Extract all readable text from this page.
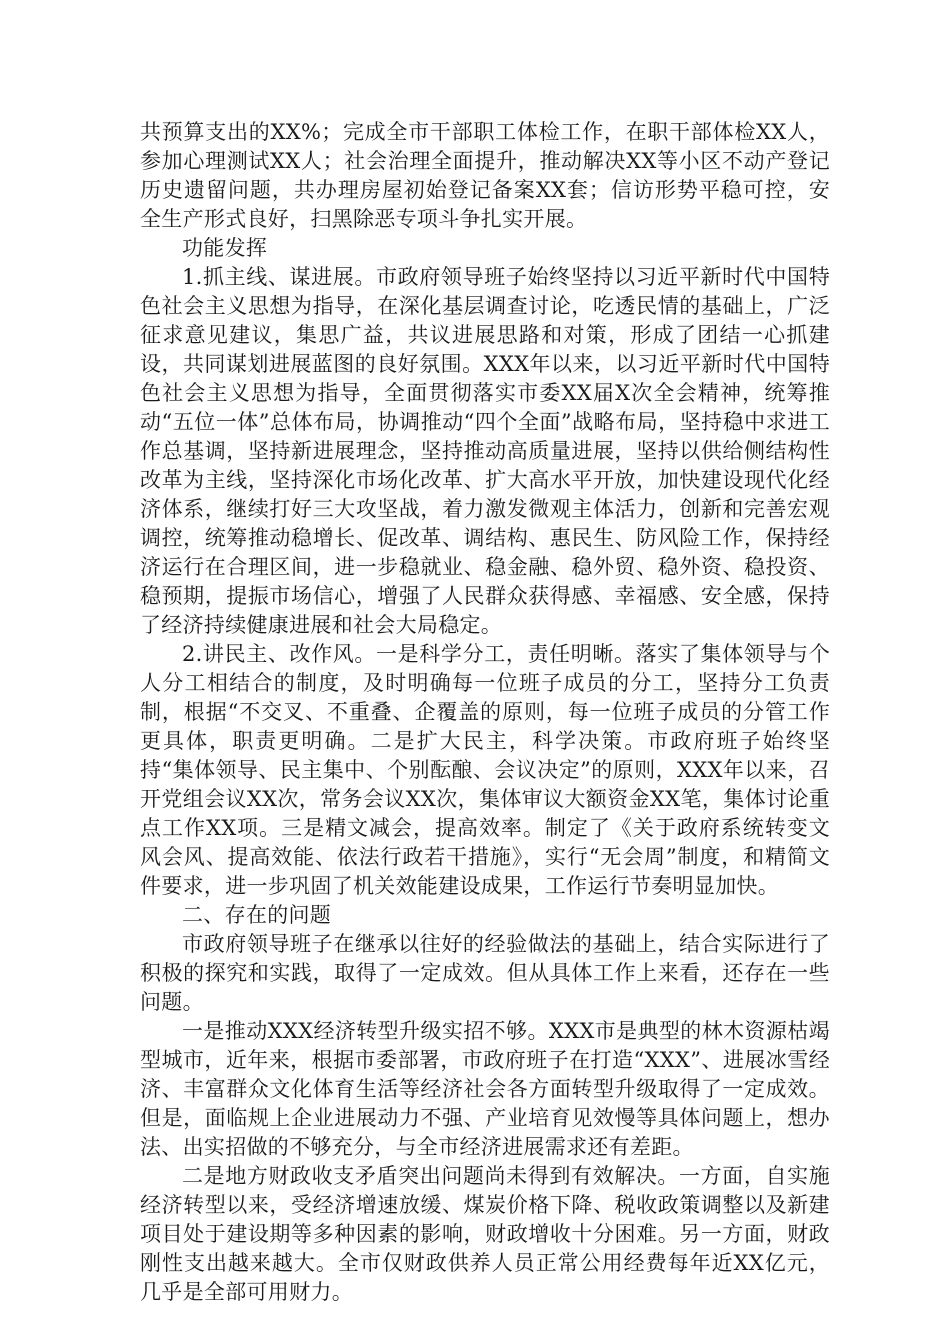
共预算支出的XX%；完成全市干部职工体检工作，在职干部体检XX人，参加心理测试XX人；社会治理全面提升，推动解决XX等小区不动产登记历史遗留问题，共办理房屋初始登记备案XX套；信访形势平稳可控，安全生产形式良好，扫黑除恶专项斗争扎实开展。

功能发挥

1.抓主线、谋进展。市政府领导班子始终坚持以习近平新时代中国特色社会主义思想为指导，在深化基层调查讨论，吃透民情的基础上，广泛征求意见建议，集思广益，共议进展思路和对策，形成了团结一心抓建设，共同谋划进展蓝图的良好氛围。XXX年以来，以习近平新时代中国特色社会主义思想为指导，全面贯彻落实市委XX届X次全会精神，统筹推动“五位一体”总体布局，协调推动“四个全面”战略布局，坚持稳中求进工作总基调，坚持新进展理念，坚持推动高质量进展，坚持以供给侧结构性改革为主线，坚持深化市场化改革、扩大高水平开放，加快建设现代化经济体系，继续打好三大攻坚战，着力激发微观主体活力，创新和完善宏观调控，统筹推动稳增长、促改革、调结构、惠民生、防风险工作，保持经济运行在合理区间，进一步稳就业、稳金融、稳外贸、稳外资、稳投资、稳预期，提振市场信心，增强了人民群众获得感、幸福感、安全感，保持了经济持续健康进展和社会大局稳定。

2.讲民主、改作风。一是科学分工，责任明晰。落实了集体领导与个人分工相结合的制度，及时明确每一位班子成员的分工，坚持分工负责制，根据“不交叉、不重叠、企覆盖的原则，每一位班子成员的分管工作更具体，职责更明确。二是扩大民主，科学决策。市政府班子始终坚持“集体领导、民主集中、个别酝酿、会议决定”的原则，XXX年以来，召开党组会议XX次，常务会议XX次，集体审议大额资金XX笔，集体讨论重点工作XX项。三是精文减会，提高效率。制定了《关于政府系统转变文风会风、提高效能、依法行政若干措施》，实行“无会周”制度，和精简文件要求，进一步巩固了机关效能建设成果，工作运行节奏明显加快。

二、存在的问题

市政府领导班子在继承以往好的经验做法的基础上，结合实际进行了积极的探究和实践，取得了一定成效。但从具体工作上来看，还存在一些问题。

一是推动XXX经济转型升级实招不够。XXX市是典型的林木资源枯竭型城市，近年来，根据市委部署，市政府班子在打造“XXX”、进展冰雪经济、丰富群众文化体育生活等经济社会各方面转型升级取得了一定成效。但是，面临规上企业进展动力不强、产业培育见效慢等具体问题上，想办法、出实招做的不够充分，与全市经济进展需求还有差距。

二是地方财政收支矛盾突出问题尚未得到有效解决。一方面，自实施经济转型以来，受经济增速放缓、煤炭价格下降、税收政策调整以及新建项目处于建设期等多种因素的影响，财政增收十分困难。另一方面，财政刚性支出越来越大。全市仅财政供养人员正常公用经费每年近XX亿元，几乎是全部可用财力。
